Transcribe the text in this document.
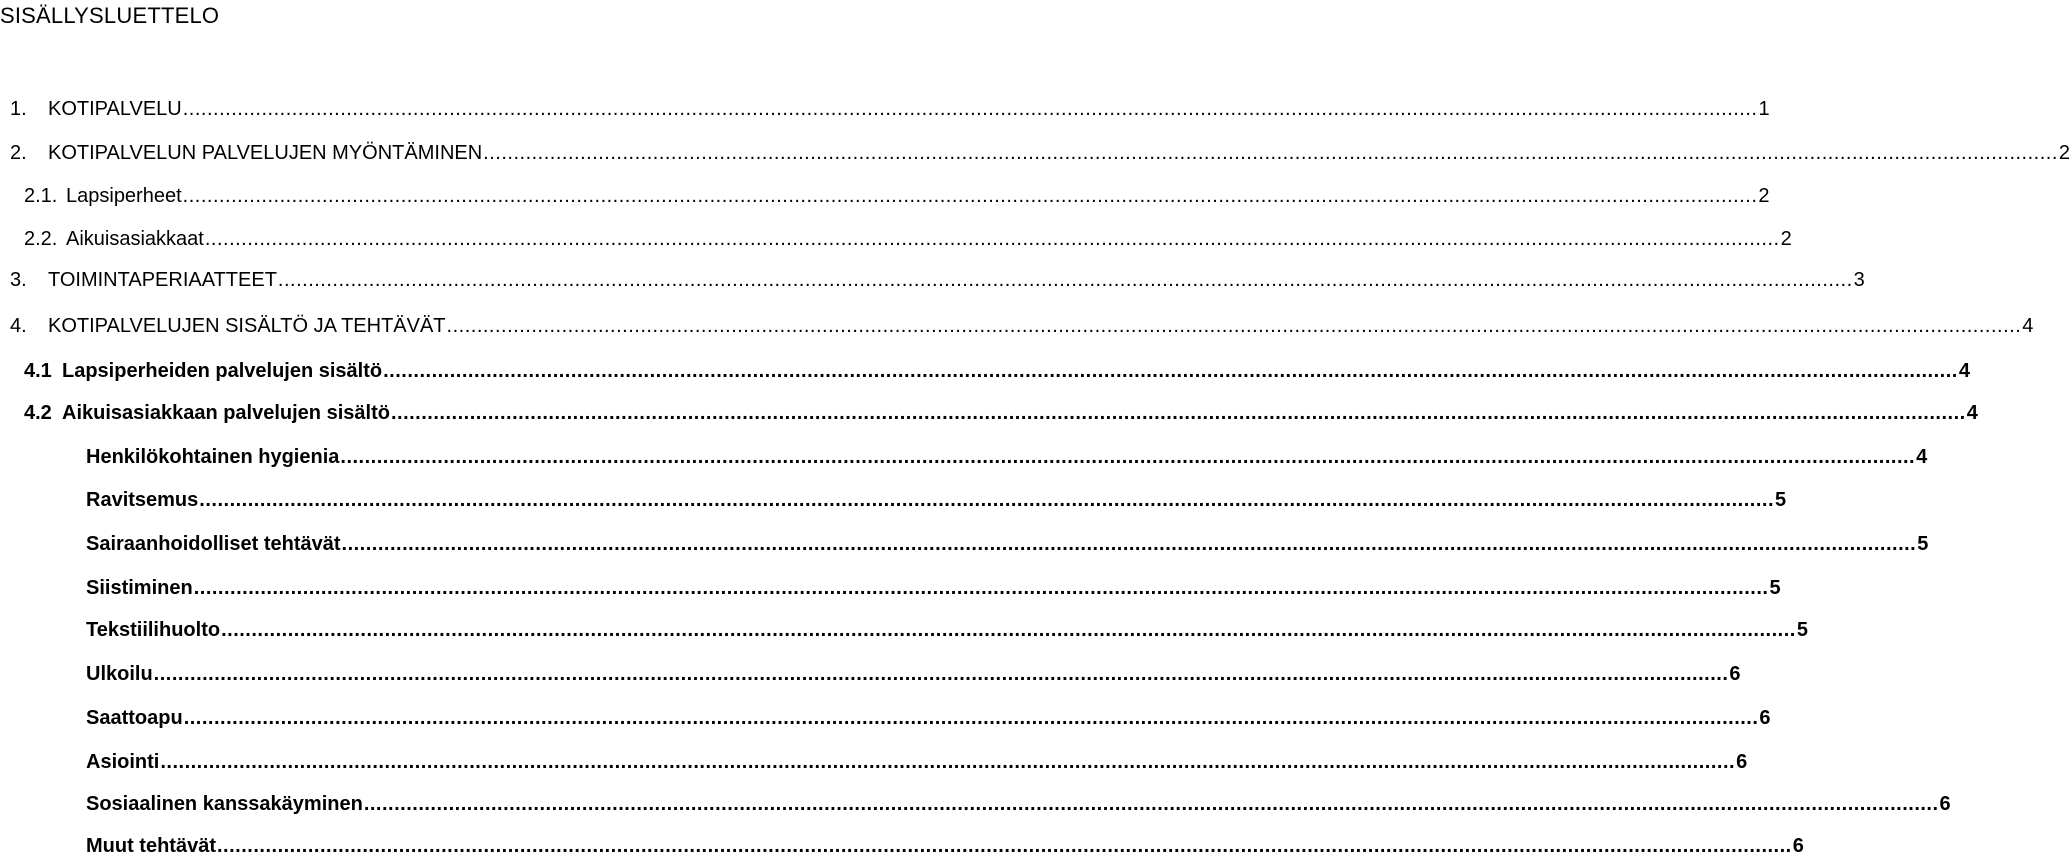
SISÄLLYSLUETTELO
1.	KOTIPALVELU .................................................................................................................................................................................................................................................................... 1
2.	KOTIPALVELUN PALVELUJEN MYÖNTÄMINEN .................................................................................................................................................................................................................................................................... 2
2.1. Lapsiperheet .................................................................................................................................................................................................................................................................... 2
2.2. Aikuisasiakkaat .................................................................................................................................................................................................................................................................... 2
3.	TOIMINTAPERIAATTEET .................................................................................................................................................................................................................................................................... 3
4.	KOTIPALVELUJEN SISÄLTÖ JA TEHTÄVÄT .................................................................................................................................................................................................................................................................... 4
4.1 Lapsiperheiden palvelujen sisältö .................................................................................................................................................................................................................................................................... 4
4.2 Aikuisasiakkaan palvelujen sisältö .................................................................................................................................................................................................................................................................... 4
Henkilökohtainen hygienia .................................................................................................................................................................................................................................................................... 4
Ravitsemus .................................................................................................................................................................................................................................................................... 5
Sairaanhoidolliset tehtävät .................................................................................................................................................................................................................................................................... 5
Siistiminen .................................................................................................................................................................................................................................................................... 5
Tekstiilihuolto .................................................................................................................................................................................................................................................................... 5
Ulkoilu .................................................................................................................................................................................................................................................................... 6
Saattoapu .................................................................................................................................................................................................................................................................... 6
Asiointi .................................................................................................................................................................................................................................................................... 6
Sosiaalinen kanssakäyminen .................................................................................................................................................................................................................................................................... 6
Muut tehtävät .................................................................................................................................................................................................................................................................... 6
